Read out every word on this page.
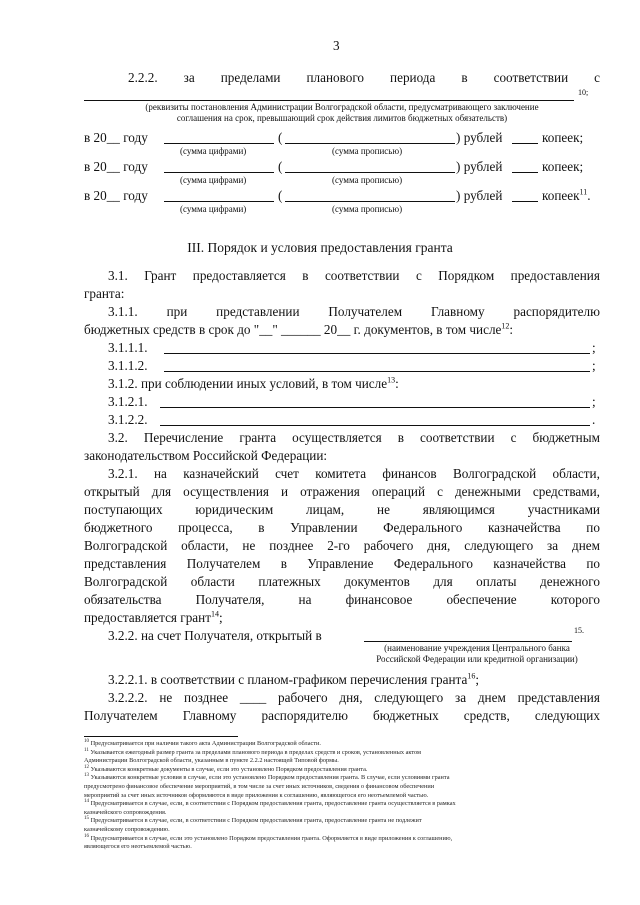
3
2.2.2. за пределами планового периода в соответствии с
10;
(реквизиты постановления Администрации Волгоградской области, предусматривающего заключение
соглашения на срок, превышающий срок действия лимитов бюджетных обязательств)
в 20__ году	(	) рублей	копеек;
(сумма цифрами)	(сумма прописью)
в 20__ году	(	) рублей	копеек;
(сумма цифрами)	(сумма прописью)
в 20__ году	(	) рублей	копеек$^{11}$.
(сумма цифрами)	(сумма прописью)
III. Порядок и условия предоставления гранта
3.1. Грант предоставляется в соответствии с Порядком предоставления
гранта:
3.1.1. при представлении Получателем Главному распорядителю
бюджетных средств в срок до "__" ______ 20__ г. документов, в том числе$^{12}$:
3.1.1.1.	;
3.1.1.2.	;
3.1.2. при соблюдении иных условий, в том числе$^{13}$:
3.1.2.1.	;
3.1.2.2.	.
3.2. Перечисление гранта осуществляется в соответствии с бюджетным
законодательством Российской Федерации:
3.2.1. на казначейский счет комитета финансов Волгоградской области,
открытый для осуществления и отражения операций с денежными средствами,
поступающих юридическим лицам, не являющимся участниками
бюджетного процесса, в Управлении Федерального казначейства по
Волгоградской области, не позднее 2-го рабочего дня, следующего за днем
представления Получателем в Управление Федерального казначейства по
Волгоградской области платежных документов для оплаты денежного
обязательства	Получателя,	на	финансовое	обеспечение	которого
предоставляется грант$^{14}$;
3.2.2. на счет Получателя, открытый в	15.
(наименование учреждения Центрального банка
Российской Федерации или кредитной организации)
3.2.2.1. в соответствии с планом-графиком перечисления гранта$^{16}$;
3.2.2.2. не позднее ____ рабочего дня, следующего за днем представления
Получателем Главному распорядителю бюджетных средств, следующих
$^{10}$ Предусматривается при наличии такого акта Администрации Волгоградской области.
$^{11}$ Указывается ежегодный размер гранта за пределами планового периода в пределах средств и сроков, установленных актом
Администрации Волгоградской области, указанным в пункте 2.2.2 настоящей Типовой формы.
$^{12}$ Указываются конкретные документы в случае, если это установлено Порядком предоставления гранта.
$^{13}$ Указываются конкретные условия в случае, если это установлено Порядком предоставления гранта. В случае, если условиями гранта
предусмотрено финансовое обеспечение мероприятий, в том числе за счет иных источников, сведения о финансовом обеспечении
мероприятий за счет иных источников оформляются в виде приложения к соглашению, являющегося его неотъемлемой частью.
$^{14}$ Предусматривается в случае, если, в соответствии с Порядком предоставления гранта, предоставление гранта осуществляется в рамках
казначейского сопровождения.
$^{15}$ Предусматривается в случае, если, в соответствии с Порядком предоставления гранта, предоставление гранта не подлежит
казначейскому сопровождению.
$^{16}$ Предусматривается в случае, если это установлено Порядком предоставления гранта. Оформляется в виде приложения к соглашению,
являющегося его неотъемлемой частью.
